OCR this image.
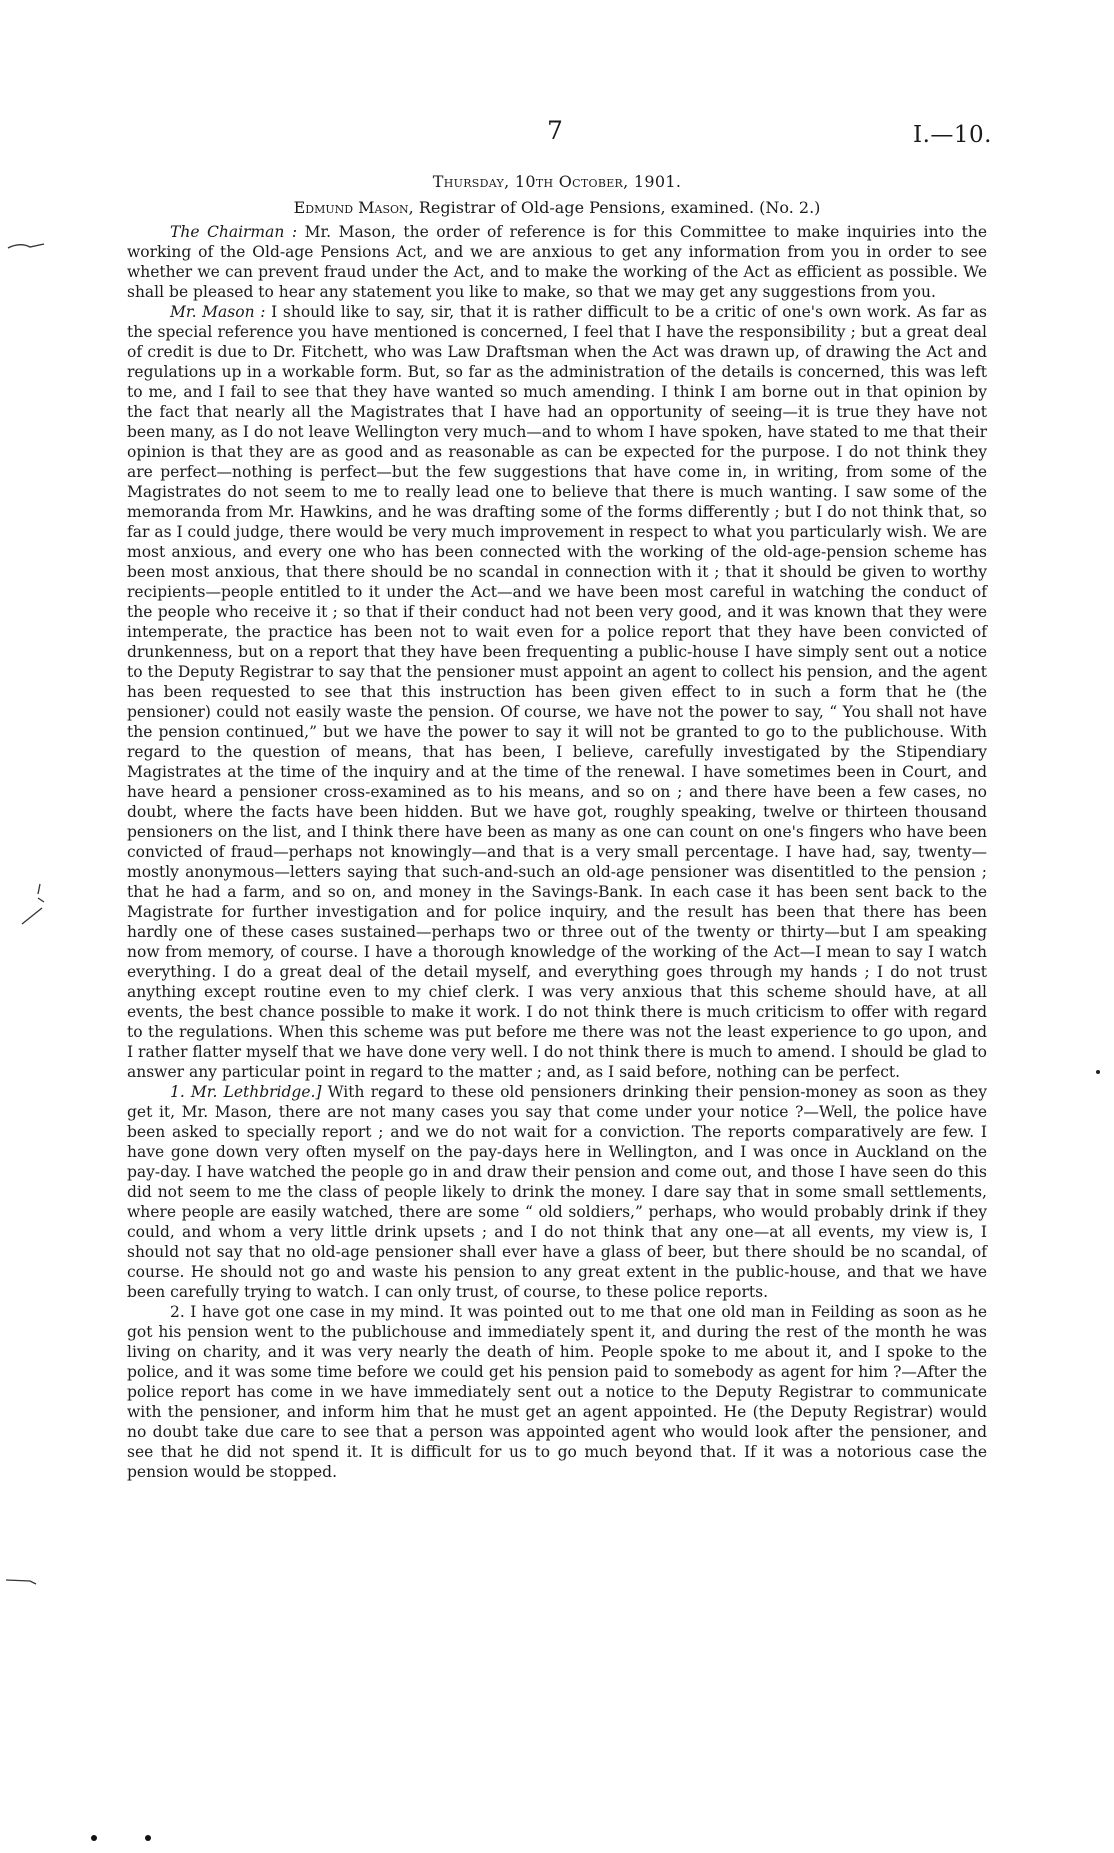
7	I.—10.
Thursday, 10th October, 1901.
Edmund Mason, Registrar of Old-age Pensions, examined. (No. 2.)

The Chairman : Mr. Mason, the order of reference is for this Committee to make inquiries into the working of the Old-age Pensions Act, and we are anxious to get any information from you in order to see whether we can prevent fraud under the Act, and to make the working of the Act as efficient as possible. We shall be pleased to hear any statement you like to make, so that we may get any suggestions from you.

Mr. Mason : I should like to say, sir, that it is rather difficult to be a critic of one's own work. As far as the special reference you have mentioned is concerned, I feel that I have the responsibility ; but a great deal of credit is due to Dr. Fitchett, who was Law Draftsman when the Act was drawn up, of drawing the Act and regulations up in a workable form. But, so far as the administration of the details is concerned, this was left to me, and I fail to see that they have wanted so much amending. I think I am borne out in that opinion by the fact that nearly all the Magistrates that I have had an opportunity of seeing—it is true they have not been many, as I do not leave Wellington very much—and to whom I have spoken, have stated to me that their opinion is that they are as good and as reasonable as can be expected for the purpose. I do not think they are perfect—nothing is perfect—but the few suggestions that have come in, in writing, from some of the Magistrates do not seem to me to really lead one to believe that there is much wanting. I saw some of the memoranda from Mr. Hawkins, and he was drafting some of the forms differently ; but I do not think that, so far as I could judge, there would be very much improvement in respect to what you particularly wish. We are most anxious, and every one who has been connected with the working of the old-age-pension scheme has been most anxious, that there should be no scandal in connection with it ; that it should be given to worthy recipients—people entitled to it under the Act—and we have been most careful in watching the conduct of the people who receive it ; so that if their conduct had not been very good, and it was known that they were intemperate, the practice has been not to wait even for a police report that they have been convicted of drunkenness, but on a report that they have been frequenting a public-house I have simply sent out a notice to the Deputy Registrar to say that the pensioner must appoint an agent to collect his pension, and the agent has been requested to see that this instruction has been given effect to in such a form that he (the pensioner) could not easily waste the pension. Of course, we have not the power to say, “ You shall not have the pension continued,” but we have the power to say it will not be granted to go to the publichouse. With regard to the question of means, that has been, I believe, carefully investigated by the Stipendiary Magistrates at the time of the inquiry and at the time of the renewal. I have sometimes been in Court, and have heard a pensioner cross-examined as to his means, and so on ; and there have been a few cases, no doubt, where the facts have been hidden. But we have got, roughly speaking, twelve or thirteen thousand pensioners on the list, and I think there have been as many as one can count on one's fingers who have been convicted of fraud—perhaps not knowingly—and that is a very small percentage. I have had, say, twenty—mostly anonymous—letters saying that such-and-such an old-age pensioner was disentitled to the pension ; that he had a farm, and so on, and money in the Savings-Bank. In each case it has been sent back to the Magistrate for further investigation and for police inquiry, and the result has been that there has been hardly one of these cases sustained—perhaps two or three out of the twenty or thirty—but I am speaking now from memory, of course. I have a thorough knowledge of the working of the Act—I mean to say I watch everything. I do a great deal of the detail myself, and everything goes through my hands ; I do not trust anything except routine even to my chief clerk. I was very anxious that this scheme should have, at all events, the best chance possible to make it work. I do not think there is much criticism to offer with regard to the regulations. When this scheme was put before me there was not the least experience to go upon, and I rather flatter myself that we have done very well. I do not think there is much to amend. I should be glad to answer any particular point in regard to the matter ; and, as I said before, nothing can be perfect.

1. Mr. Lethbridge.] With regard to these old pensioners drinking their pension-money as soon as they get it, Mr. Mason, there are not many cases you say that come under your notice ?—Well, the police have been asked to specially report ; and we do not wait for a conviction. The reports comparatively are few. I have gone down very often myself on the pay-days here in Wellington, and I was once in Auckland on the pay-day. I have watched the people go in and draw their pension and come out, and those I have seen do this did not seem to me the class of people likely to drink the money. I dare say that in some small settlements, where people are easily watched, there are some “ old soldiers,” perhaps, who would probably drink if they could, and whom a very little drink upsets ; and I do not think that any one—at all events, my view is, I should not say that no old-age pensioner shall ever have a glass of beer, but there should be no scandal, of course. He should not go and waste his pension to any great extent in the public-house, and that we have been carefully trying to watch. I can only trust, of course, to these police reports.

2. I have got one case in my mind. It was pointed out to me that one old man in Feilding as soon as he got his pension went to the publichouse and immediately spent it, and during the rest of the month he was living on charity, and it was very nearly the death of him. People spoke to me about it, and I spoke to the police, and it was some time before we could get his pension paid to somebody as agent for him ?—After the police report has come in we have immediately sent out a notice to the Deputy Registrar to communicate with the pensioner, and inform him that he must get an agent appointed. He (the Deputy Registrar) would no doubt take due care to see that a person was appointed agent who would look after the pensioner, and see that he did not spend it. It is difficult for us to go much beyond that. If it was a notorious case the pension would be stopped.
